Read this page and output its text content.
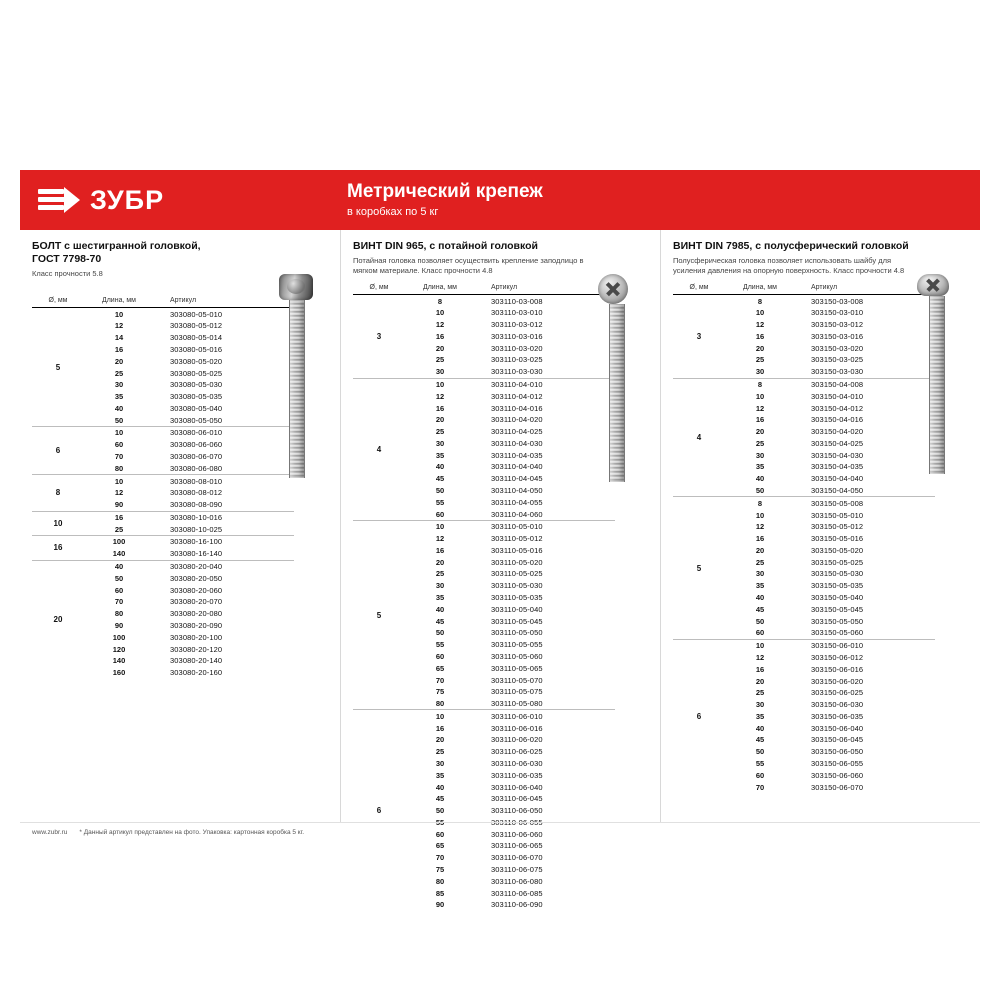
ЗУБР	Метрический крепеж
в коробках по 5 кг
БОЛТ с шестигранной головкой,
ГОСТ 7798-70
Класс прочности 5.8
Ø, мм	Длина, мм	Артикул
5	10	303080-05-010
	12	303080-05-012
	14	303080-05-014
	16	303080-05-016
	20	303080-05-020
	25	303080-05-025
	30	303080-05-030
	35	303080-05-035
	40	303080-05-040
	50	303080-05-050
6	10	303080-06-010
	60	303080-06-060
	70	303080-06-070
	80	303080-06-080
8	10	303080-08-010
	12	303080-08-012
	90	303080-08-090
10	16	303080-10-016
	25	303080-10-025
16	100	303080-16-100
	140	303080-16-140
20	40	303080-20-040
	50	303080-20-050
	60	303080-20-060
	70	303080-20-070
	80	303080-20-080
	90	303080-20-090
	100	303080-20-100
	120	303080-20-120
	140	303080-20-140
	160	303080-20-160
ВИНТ DIN 965, с потайной головкой
Потайная головка позволяет осуществить крепление заподлицо в мягком материале. Класс прочности 4.8
Ø, мм	Длина, мм	Артикул
3	8	303110-03-008
	10	303110-03-010
	12	303110-03-012
	16	303110-03-016
	20	303110-03-020
	25	303110-03-025
	30	303110-03-030
4	10	303110-04-010
	12	303110-04-012
	16	303110-04-016
	20	303110-04-020
	25	303110-04-025
	30	303110-04-030
	35	303110-04-035
	40	303110-04-040
	45	303110-04-045
	50	303110-04-050
	55	303110-04-055
	60	303110-04-060
5	10	303110-05-010
	12	303110-05-012
	16	303110-05-016
	20	303110-05-020
	25	303110-05-025
	30	303110-05-030
	35	303110-05-035
	40	303110-05-040
	45	303110-05-045
	50	303110-05-050
	55	303110-05-055
	60	303110-05-060
	65	303110-05-065
	70	303110-05-070
	75	303110-05-075
	80	303110-05-080
6	10	303110-06-010
	16	303110-06-016
	20	303110-06-020
	25	303110-06-025
	30	303110-06-030
	35	303110-06-035
	40	303110-06-040
	45	303110-06-045
	50	303110-06-050
	55	303110-06-055
	60	303110-06-060
	65	303110-06-065
	70	303110-06-070
	75	303110-06-075
	80	303110-06-080
	85	303110-06-085
	90	303110-06-090
ВИНТ DIN 7985, с полусферический головкой
Полусферическая головка позволяет использовать шайбу для усиления давления на опорную поверхность. Класс прочности 4.8
Ø, мм	Длина, мм	Артикул
3	8	303150-03-008
	10	303150-03-010
	12	303150-03-012
	16	303150-03-016
	20	303150-03-020
	25	303150-03-025
	30	303150-03-030
4	8	303150-04-008
	10	303150-04-010
	12	303150-04-012
	16	303150-04-016
	20	303150-04-020
	25	303150-04-025
	30	303150-04-030
	35	303150-04-035
	40	303150-04-040
	50	303150-04-050
5	8	303150-05-008
	10	303150-05-010
	12	303150-05-012
	16	303150-05-016
	20	303150-05-020
	25	303150-05-025
	30	303150-05-030
	35	303150-05-035
	40	303150-05-040
	45	303150-05-045
	50	303150-05-050
	60	303150-05-060
6	10	303150-06-010
	12	303150-06-012
	16	303150-06-016
	20	303150-06-020
	25	303150-06-025
	30	303150-06-030
	35	303150-06-035
	40	303150-06-040
	45	303150-06-045
	50	303150-06-050
	55	303150-06-055
	60	303150-06-060
	70	303150-06-070
www.zubr.ru * Данный артикул представлен на фото. Упаковка: картонная коробка 5 кг.
